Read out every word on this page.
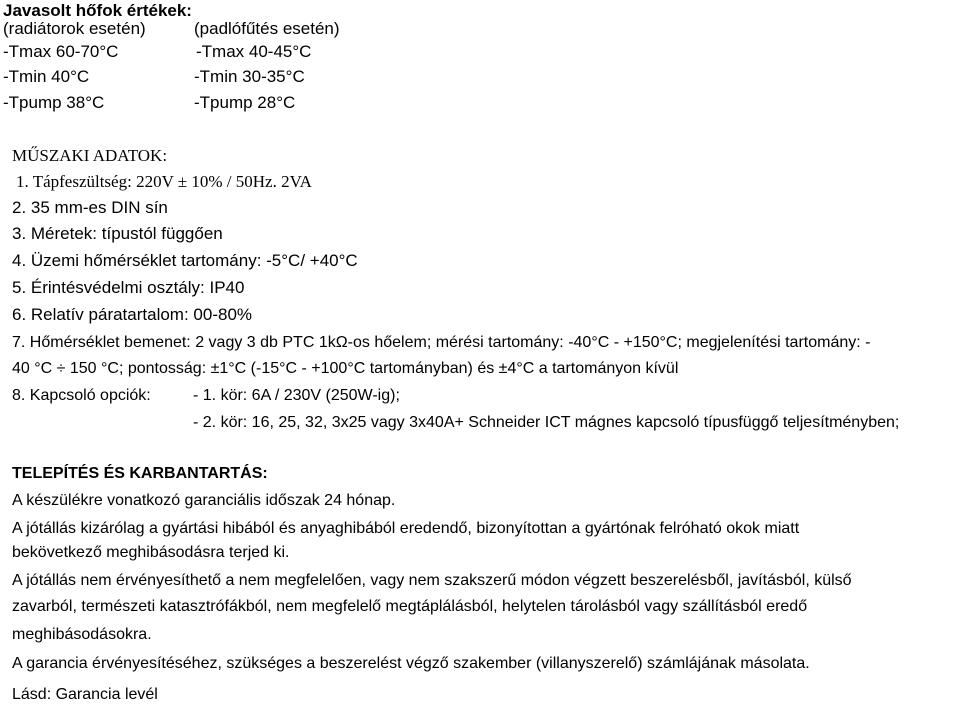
Javasolt hőfok értékek:
(radiátorok esetén)	(padlófűtés esetén)
-Tmax 60-70°C	-Tmax 40-45°C
-Tmin 40°C	-Tmin 30-35°C
-Tpump 38°C	-Tpump 28°C
MŰSZAKI ADATOK:
1. Tápfeszültség: 220V ± 10% / 50Hz. 2VA
2. 35 mm-es DIN sín
3. Méretek: típustól függően
4. Üzemi hőmérséklet tartomány: -5°C/ +40°C
5. Érintésvédelmi osztály: IP40
6. Relatív páratartalom: 00-80%
7. Hőmérséklet bemenet: 2 vagy 3 db PTC 1kΩ-os hőelem; mérési tartomány: -40°C - +150°C; megjelenítési tartomány: -
40 °C ÷ 150 °C; pontosság: ±1°C (-15°C - +100°C tartományban) és ±4°C a tartományon kívül
8. Kapcsoló opciók:	- 1. kör: 6A / 230V (250W-ig);
- 2. kör: 16, 25, 32, 3x25 vagy 3x40A+ Schneider ICT mágnes kapcsoló típusfüggő teljesítményben;
TELEPÍTÉS ÉS KARBANTARTÁS:
A készülékre vonatkozó garanciális időszak 24 hónap.
A jótállás kizárólag a gyártási hibából és anyaghibából eredendő, bizonyítottan a gyártónak felróható okok miatt
bekövetkező meghibásodásra terjed ki.
A jótállás nem érvényesíthető a nem megfelelően, vagy nem szakszerű módon végzett beszerelésből, javításból, külső
zavarból, természeti katasztrófákból, nem megfelelő megtáplálásból, helytelen tárolásból vagy szállításból eredő
meghibásodásokra.
A garancia érvényesítéséhez, szükséges a beszerelést végző szakember (villanyszerelő) számlájának másolata.
Lásd: Garancia levél
